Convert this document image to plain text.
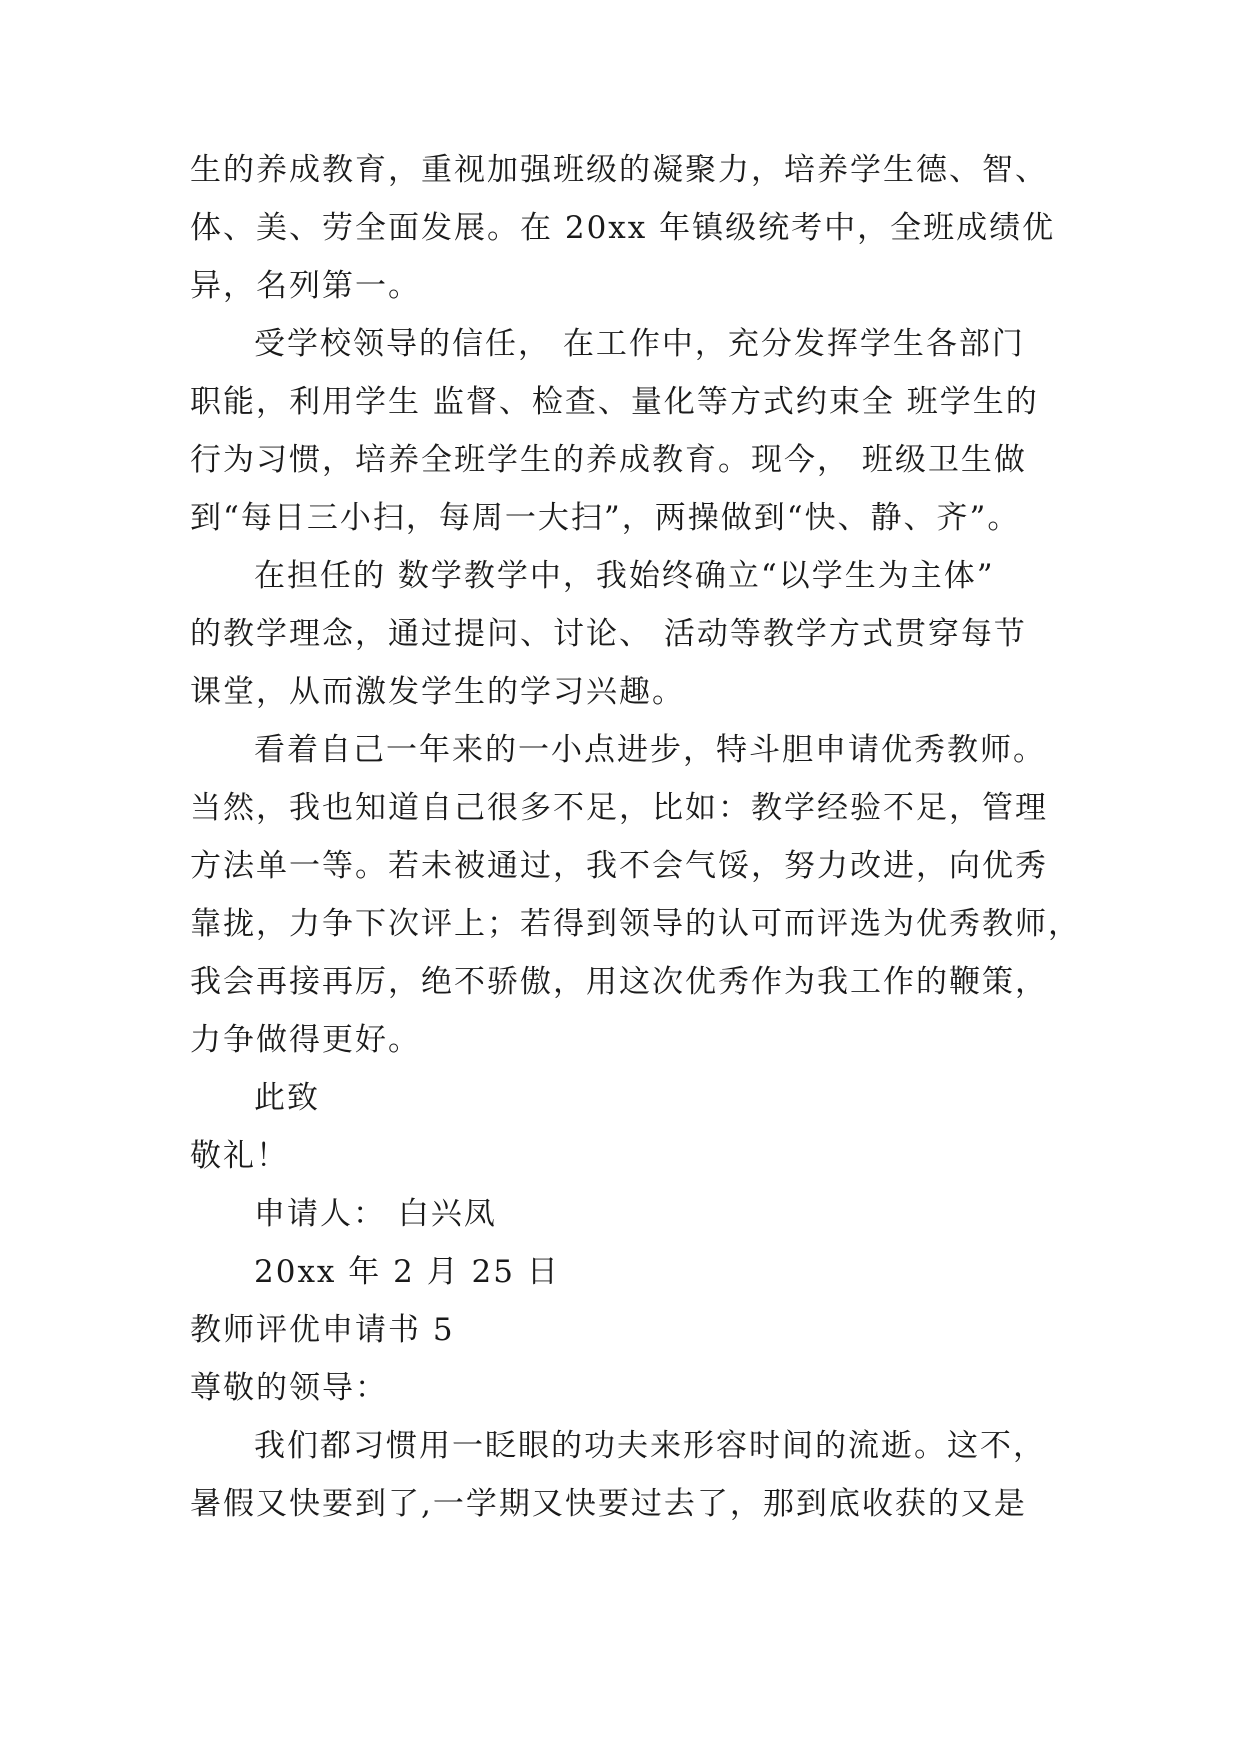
生的养成教育，重视加强班级的凝聚力，培养学生德、智、
体、美、劳全面发展。在 20xx 年镇级统考中，全班成绩优
异，名列第一。
受学校领导的信任， 在工作中，充分发挥学生各部门
职能，利用学生 监督、检查、量化等方式约束全 班学生的
行为习惯，培养全班学生的养成教育。现今， 班级卫生做
到“每日三小扫，每周一大扫”，两操做到“快、静、齐”。
在担任的 数学教学中，我始终确立“以学生为主体”
的教学理念，通过提问、讨论、 活动等教学方式贯穿每节
课堂，从而激发学生的学习兴趣。
看着自己一年来的一小点进步，特斗胆申请优秀教师。
当然，我也知道自己很多不足，比如：教学经验不足，管理
方法单一等。若未被通过，我不会气馁，努力改进，向优秀
靠拢，力争下次评上；若得到领导的认可而评选为优秀教师，
我会再接再厉，绝不骄傲，用这次优秀作为我工作的鞭策，
力争做得更好。
此致
敬礼！
申请人： 白兴凤
20xx 年 2 月 25 日
教师评优申请书 5
尊敬的领导：
我们都习惯用一眨眼的功夫来形容时间的流逝。这不，
暑假又快要到了,一学期又快要过去了，那到底收获的又是
